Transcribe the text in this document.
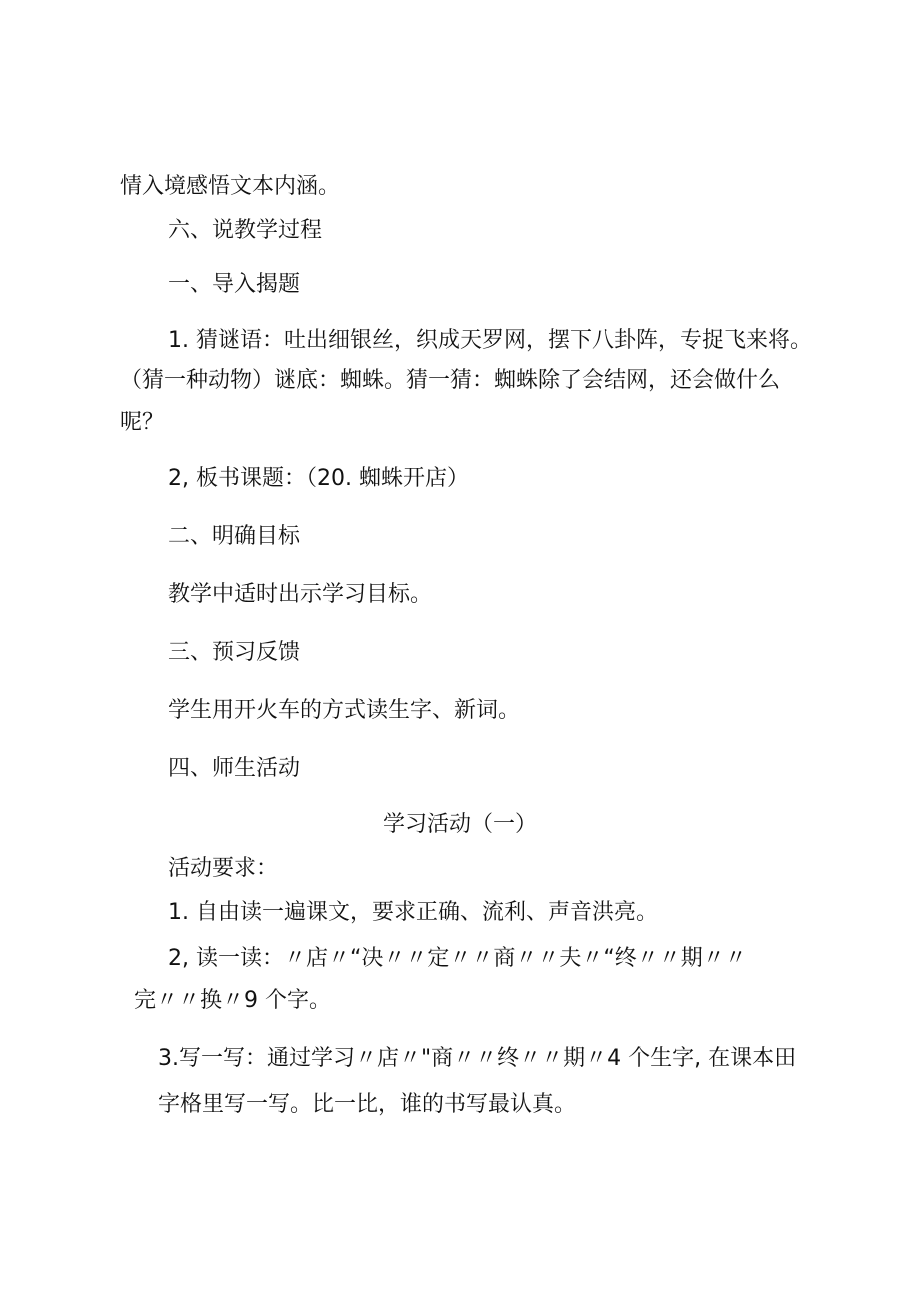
情入境感悟文本内涵。
六、说教学过程
一、导入揭题
1. 猜谜语：吐出细银丝，织成天罗网，摆下八卦阵，专捉飞来将。
（猜一种动物）谜底：蜘蛛。猜一猜：蜘蛛除了会结网，还会做什么
呢？
2, 板书课题：（20. 蜘蛛开店）
二、明确目标
教学中适时出示学习目标。
三、预习反馈
学生用开火车的方式读生字、新词。
四、师生活动
学习活动（一）
活动要求：
1. 自由读一遍课文，要求正确、流利、声音洪亮。
2, 读一读：〃店〃“决〃〃定〃〃商〃〃夫〃“终〃〃期〃〃
完〃〃换〃9 个字。
3.写一写：通过学习〃店〃"商〃〃终〃〃期〃4 个生字, 在课本田
字格里写一写。比一比，谁的书写最认真。
